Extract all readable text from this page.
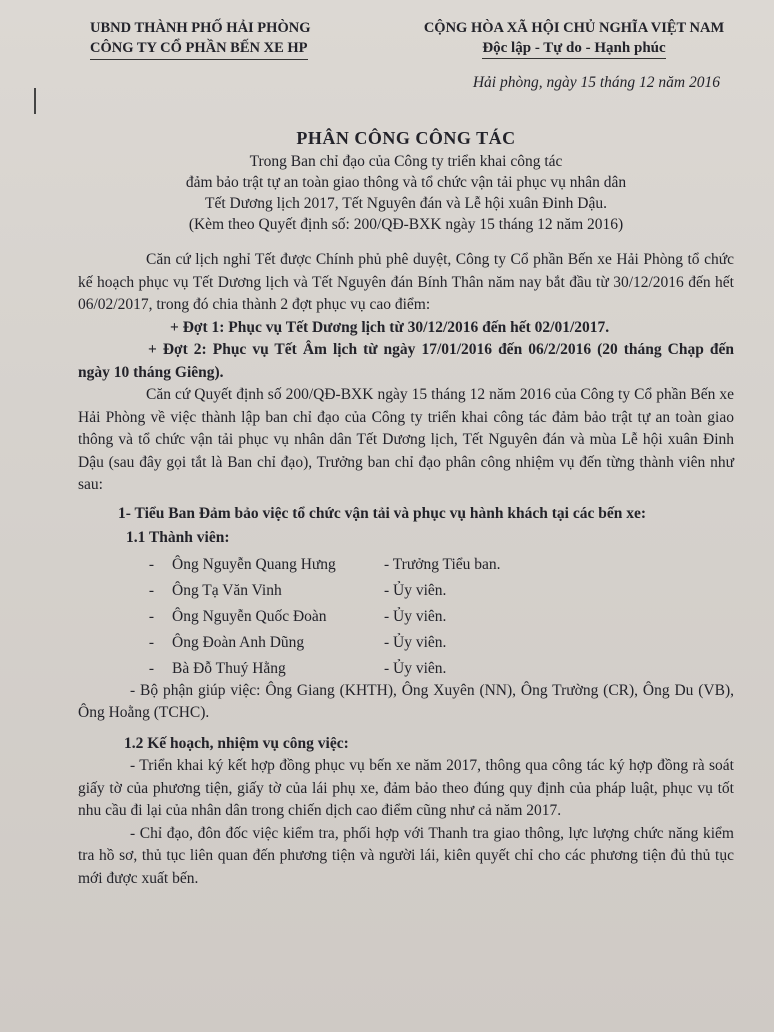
UBND THÀNH PHỐ HẢI PHÒNG
CÔNG TY CỔ PHẦN BẾN XE HP
CỘNG HÒA XÃ HỘI CHỦ NGHĨA VIỆT NAM
Độc lập - Tự do - Hạnh phúc
Hải phòng, ngày 15 tháng 12 năm 2016
PHÂN CÔNG CÔNG TÁC
Trong Ban chỉ đạo của Công ty triển khai công tác
đảm bảo trật tự an toàn giao thông và tổ chức vận tải phục vụ nhân dân
Tết Dương lịch 2017, Tết Nguyên đán và Lễ hội xuân Đinh Dậu.
(Kèm theo Quyết định số: 200/QĐ-BXK ngày 15 tháng 12 năm 2016)

Căn cứ lịch nghỉ Tết được Chính phủ phê duyệt, Công ty Cổ phần Bến xe Hải Phòng tổ chức kế hoạch phục vụ Tết Dương lịch và Tết Nguyên đán Bính Thân năm nay bắt đầu từ 30/12/2016 đến hết 06/02/2017, trong đó chia thành 2 đợt phục vụ cao điểm:

+ Đợt 1: Phục vụ Tết Dương lịch từ 30/12/2016 đến hết 02/01/2017.

+ Đợt 2: Phục vụ Tết Âm lịch từ ngày 17/01/2016 đến 06/2/2016 (20 tháng Chạp đến ngày 10 tháng Giêng).

Căn cứ Quyết định số 200/QĐ-BXK ngày 15 tháng 12 năm 2016 của Công ty Cổ phần Bến xe Hải Phòng về việc thành lập ban chỉ đạo của Công ty triển khai công tác đảm bảo trật tự an toàn giao thông và tổ chức vận tải phục vụ nhân dân Tết Dương lịch, Tết Nguyên đán và mùa Lễ hội xuân Đinh Dậu (sau đây gọi tắt là Ban chỉ đạo), Trưởng ban chỉ đạo phân công nhiệm vụ đến từng thành viên như sau:

1- Tiểu Ban Đảm bảo việc tổ chức vận tải và phục vụ hành khách tại các bến xe:
1.1 Thành viên:
-	Ông Nguyễn Quang Hưng	- Trưởng Tiểu ban.
-	Ông Tạ Văn Vinh	- Ủy viên.
-	Ông Nguyễn Quốc Đoàn	- Ủy viên.
-	Ông Đoàn Anh Dũng	- Ủy viên.
-	Bà Đỗ Thuý Hằng	- Ủy viên.

- Bộ phận giúp việc: Ông Giang (KHTH), Ông Xuyên (NN), Ông Trường (CR), Ông Du (VB), Ông Hoằng (TCHC).

1.2 Kế hoạch, nhiệm vụ công việc:

- Triển khai ký kết hợp đồng phục vụ bến xe năm 2017, thông qua công tác ký hợp đồng rà soát giấy tờ của phương tiện, giấy tờ của lái phụ xe, đảm bảo theo đúng quy định của pháp luật, phục vụ tốt nhu cầu đi lại của nhân dân trong chiến dịch cao điểm cũng như cả năm 2017.

- Chỉ đạo, đôn đốc việc kiểm tra, phối hợp với Thanh tra giao thông, lực lượng chức năng kiểm tra hồ sơ, thủ tục liên quan đến phương tiện và người lái, kiên quyết chỉ cho các phương tiện đủ thủ tục mới được xuất bến.
